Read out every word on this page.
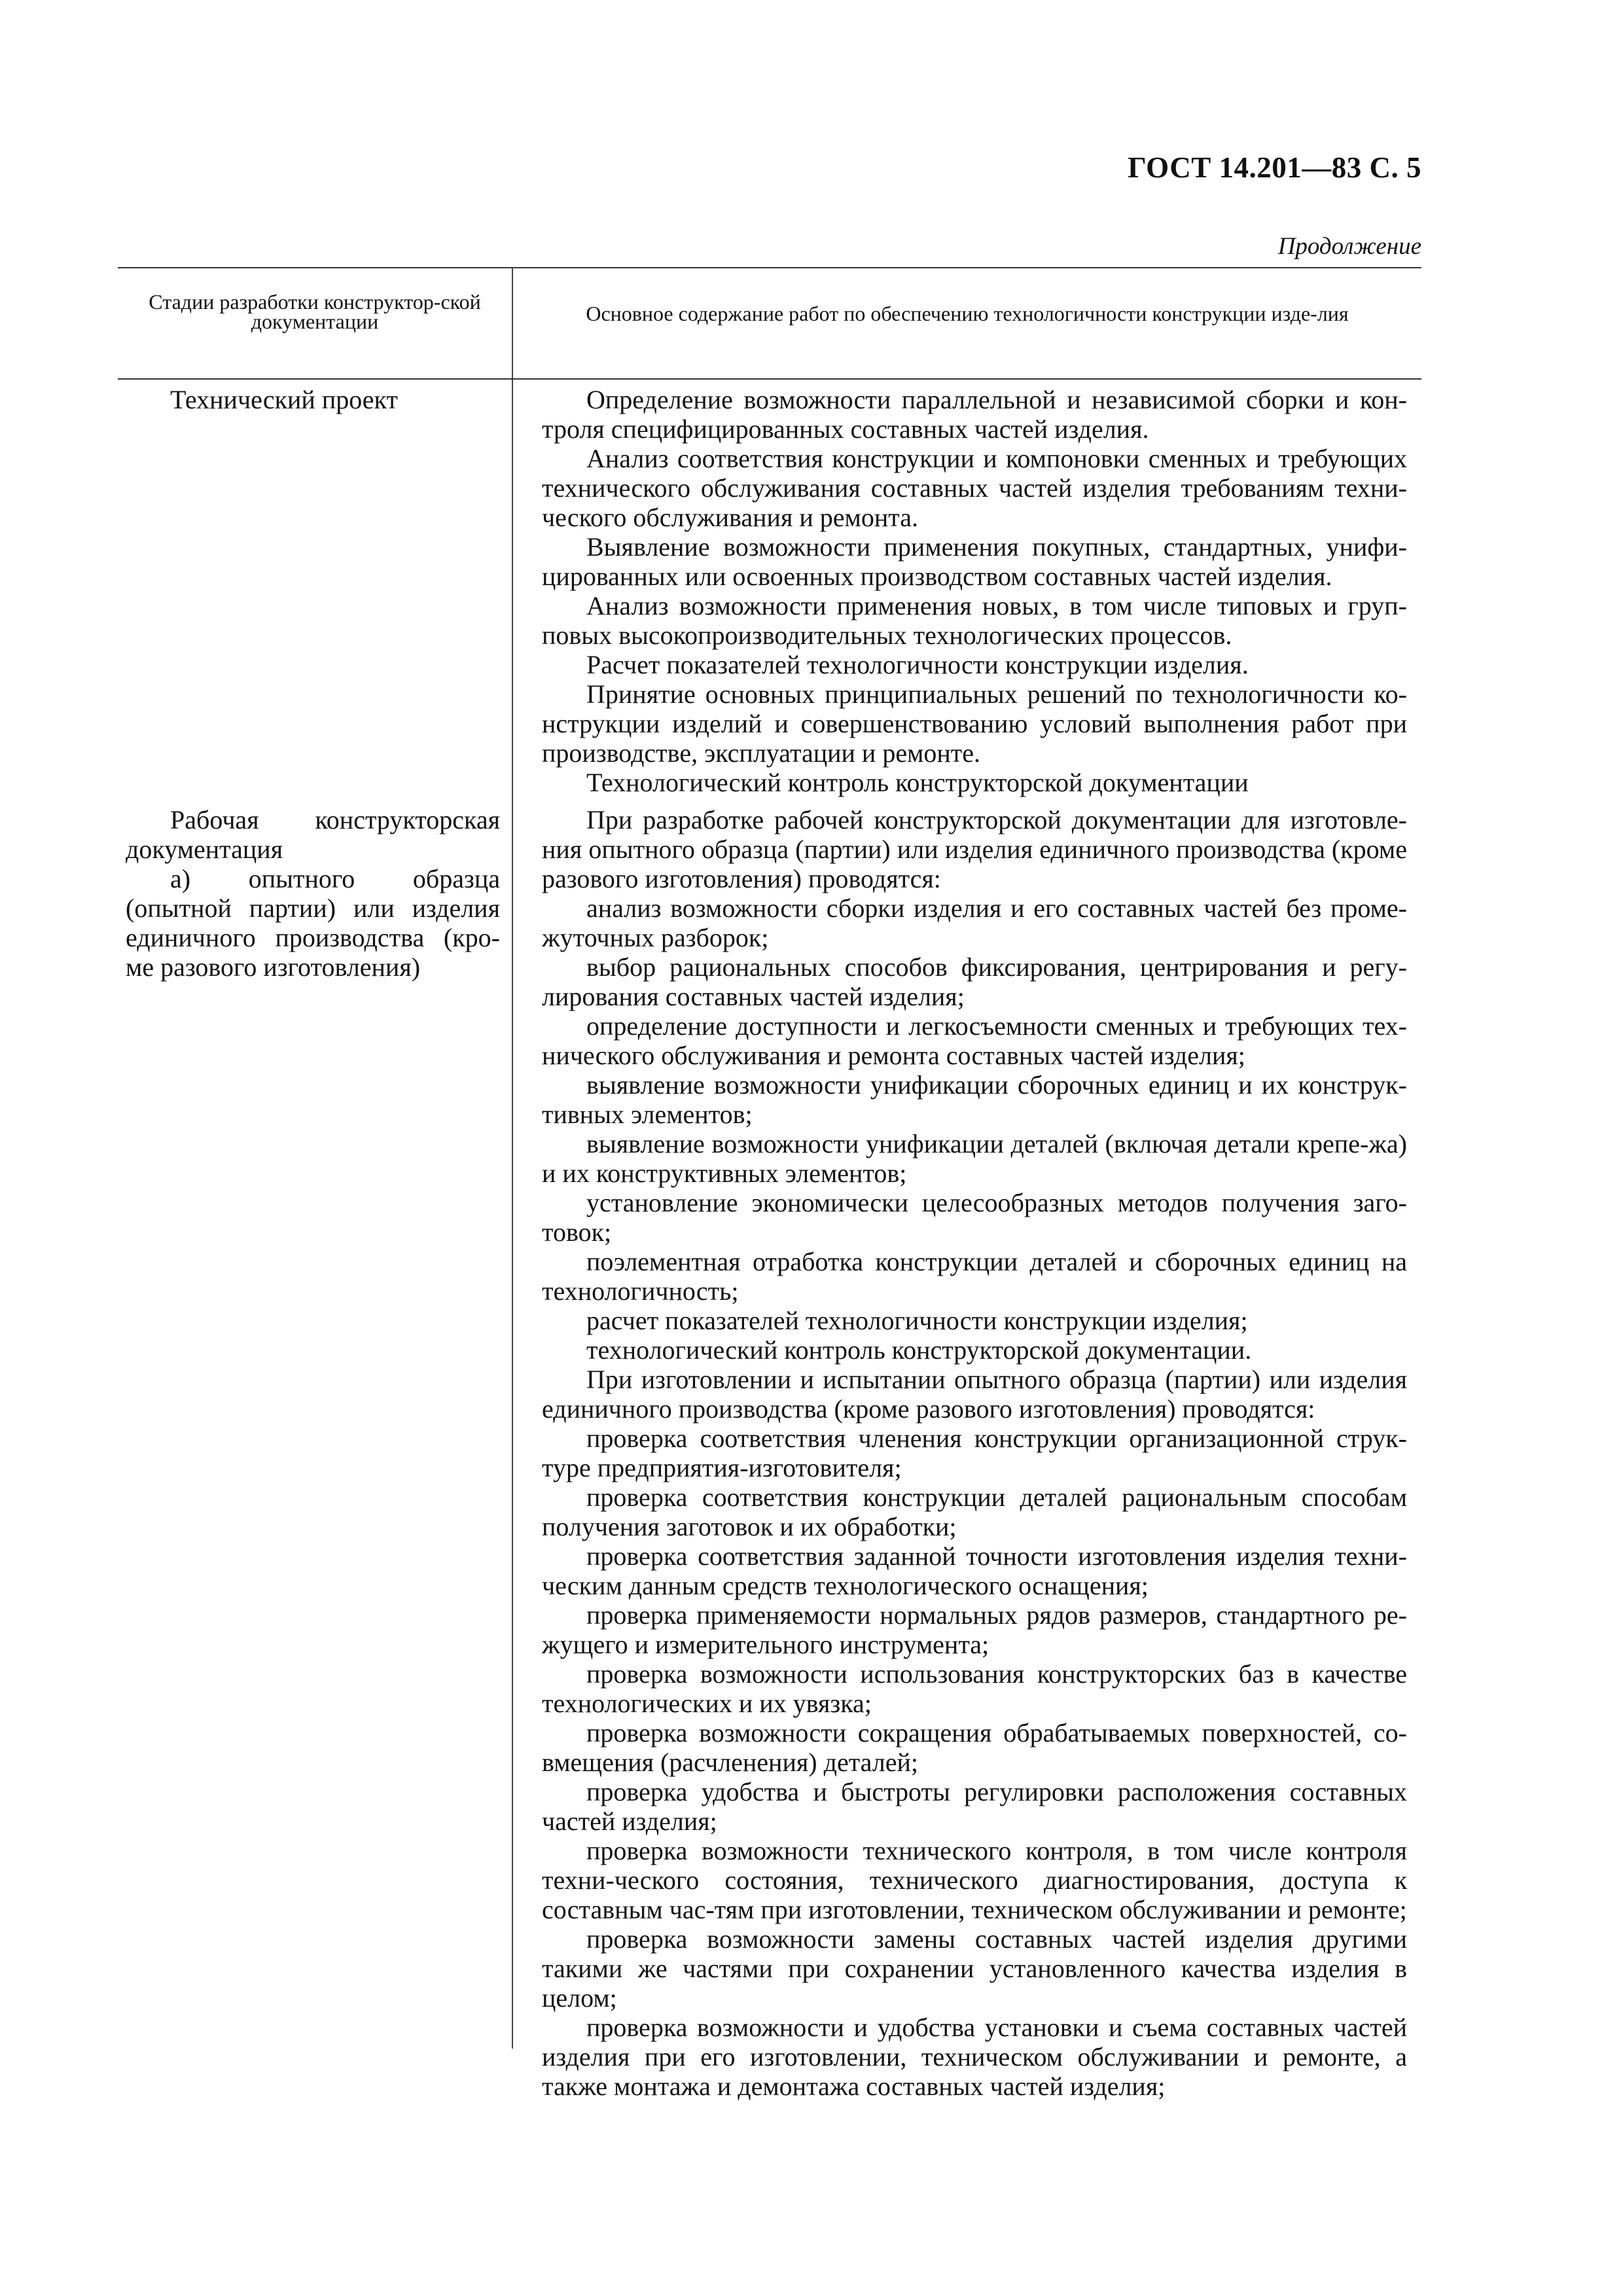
ГОСТ 14.201—83 С. 5
Продолжение
Стадии разработки конструктор-ской документации	Основное содержание работ по обеспечению технологичности конструкции изде-лия
Технический проект	Определение возможности параллельной и независимой сборки и кон-троля специфицированных составных частей изделия.

Анализ соответствия конструкции и компоновки сменных и требующих технического обслуживания составных частей изделия требованиям техни-ческого обслуживания и ремонта.

Выявление возможности применения покупных, стандартных, унифи-цированных или освоенных производством составных частей изделия.

Анализ возможности применения новых, в том числе типовых и груп-повых высокопроизводительных технологических процессов.

Расчет показателей технологичности конструкции изделия.

Принятие основных принципиальных решений по технологичности ко-нструкции изделий и совершенствованию условий выполнения работ при производстве, эксплуатации и ремонте.

Технологический контроль конструкторской документации

Рабочая конструкторская документация
а) опытного образца (опытной партии) или изделия единичного производства (кро-ме разового изготовления)

При разработке рабочей конструкторской документации для изготовле-ния опытного образца (партии) или изделия единичного производства (кроме разового изготовления) проводятся:

анализ возможности сборки изделия и его составных частей без проме-жуточных разборок;

выбор рациональных способов фиксирования, центрирования и регу-лирования составных частей изделия;

определение доступности и легкосъемности сменных и требующих тех-нического обслуживания и ремонта составных частей изделия;

выявление возможности унификации сборочных единиц и их конструк-тивных элементов;

выявление возможности унификации деталей (включая детали крепе-жа) и их конструктивных элементов;

установление экономически целесообразных методов получения заго-товок;

поэлементная отработка конструкции деталей и сборочных единиц на технологичность;

расчет показателей технологичности конструкции изделия;

технологический контроль конструкторской документации.

При изготовлении и испытании опытного образца (партии) или изделия единичного производства (кроме разового изготовления) проводятся:

проверка соответствия членения конструкции организационной струк-туре предприятия-изготовителя;

проверка соответствия конструкции деталей рациональным способам получения заготовок и их обработки;

проверка соответствия заданной точности изготовления изделия техни-ческим данным средств технологического оснащения;

проверка применяемости нормальных рядов размеров, стандартного ре-жущего и измерительного инструмента;

проверка возможности использования конструкторских баз в качестве технологических и их увязка;

проверка возможности сокращения обрабатываемых поверхностей, со-вмещения (расчленения) деталей;

проверка удобства и быстроты регулировки расположения составных частей изделия;

проверка возможности технического контроля, в том числе контроля техни-ческого состояния, технического диагностирования, доступа к составным час-тям при изготовлении, техническом обслуживании и ремонте;

проверка возможности замены составных частей изделия другими такими же частями при сохранении установленного качества изделия в целом;

проверка возможности и удобства установки и съема составных частей изделия при его изготовлении, техническом обслуживании и ремонте, а также монтажа и демонтажа составных частей изделия;
